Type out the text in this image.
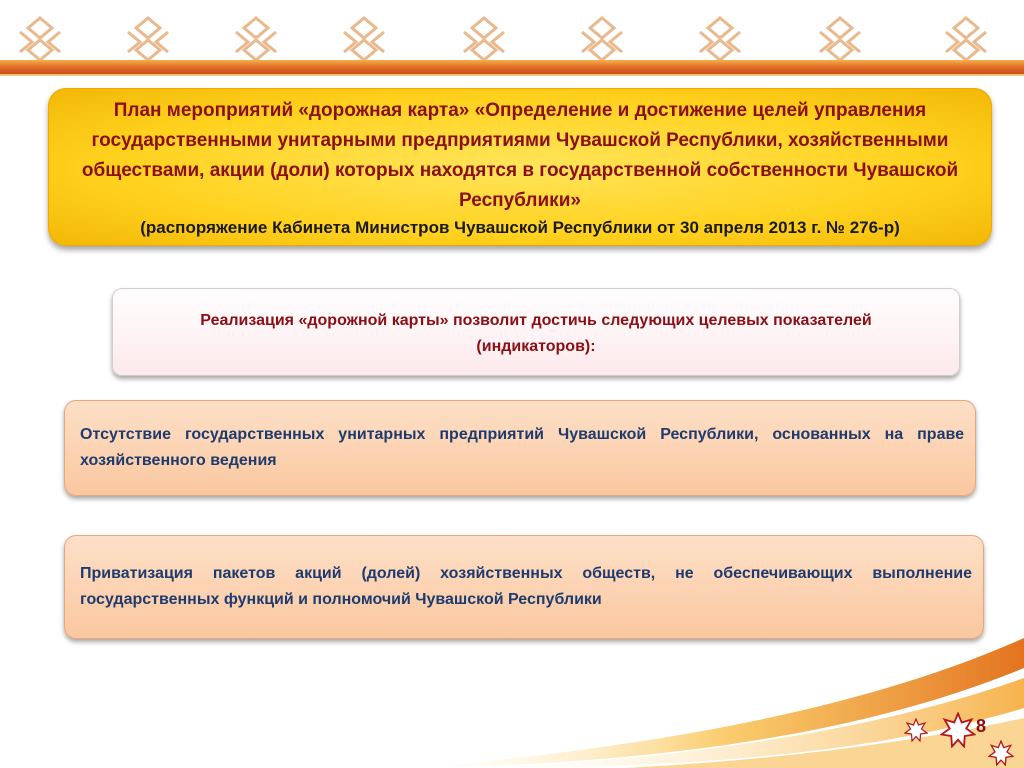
План мероприятий «дорожная карта» «Определение и достижение целей управления государственными унитарными предприятиями Чувашской Республики, хозяйственными обществами, акции (доли) которых находятся в государственной собственности Чувашской Республики»
(распоряжение Кабинета Министров Чувашской Республики от 30 апреля 2013 г. № 276-р)
Реализация «дорожной карты» позволит достичь следующих целевых показателей (индикаторов):
Отсутствие государственных унитарных предприятий Чувашской Республики, основанных на праве хозяйственного ведения
Приватизация пакетов акций (долей) хозяйственных обществ, не обеспечивающих выполнение государственных функций и полномочий Чувашской Республики
8
